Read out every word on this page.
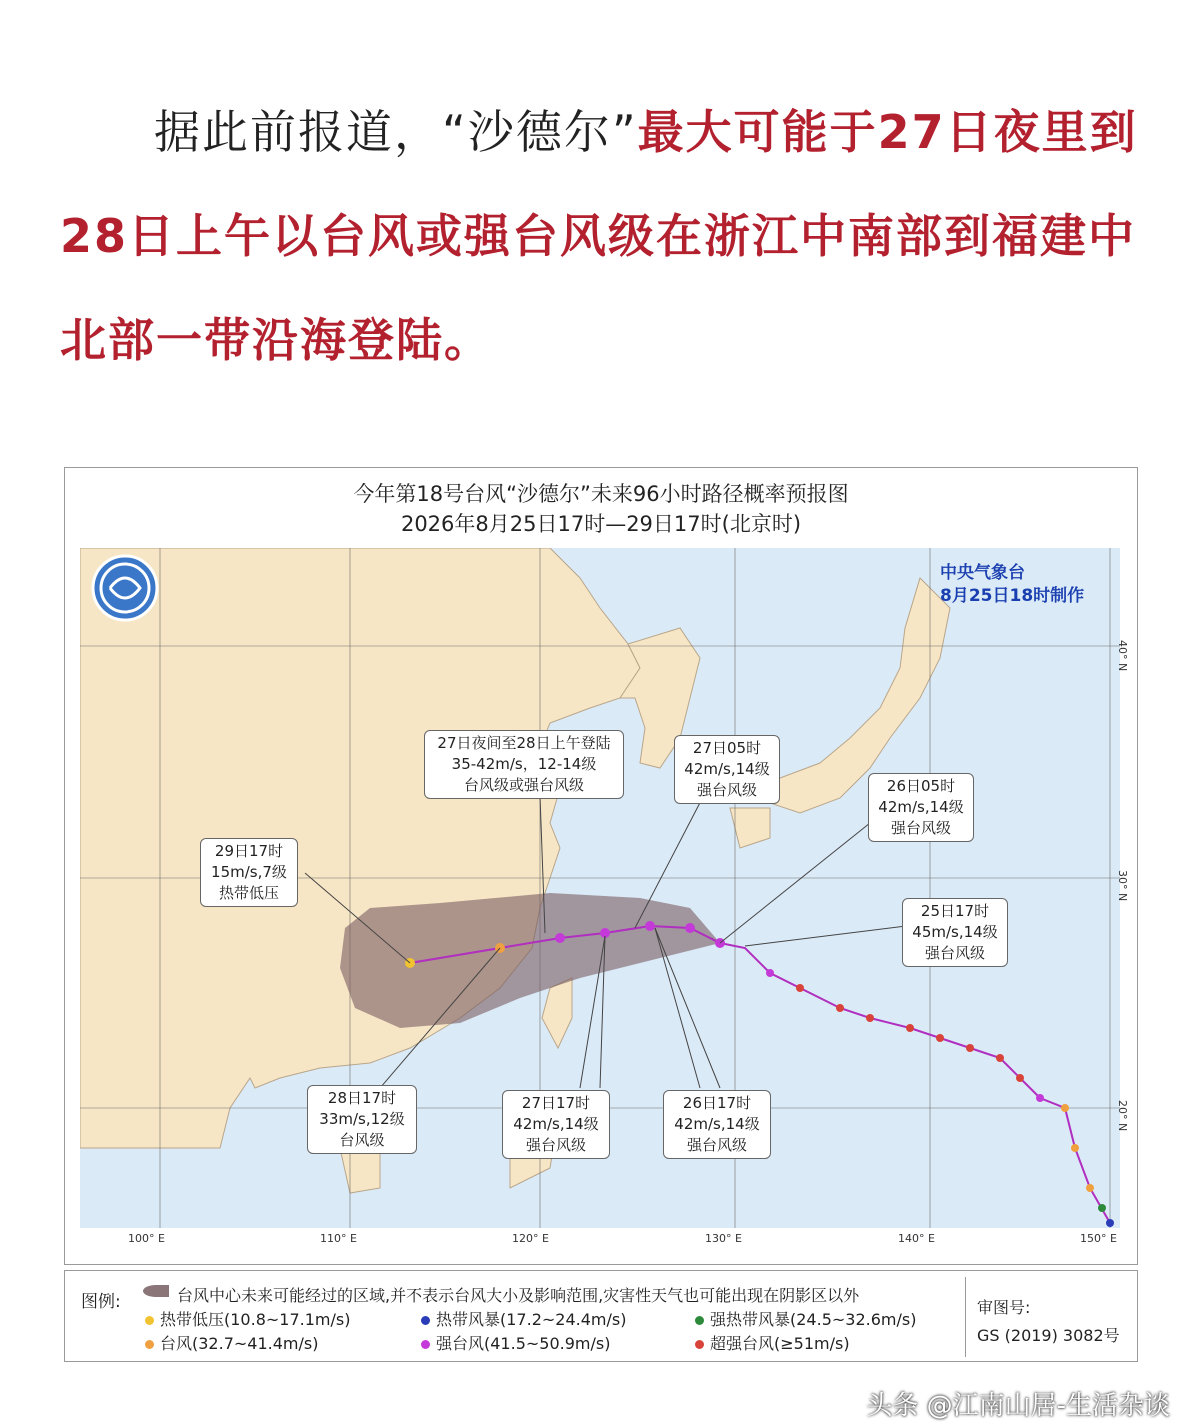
据此前报道，“沙德尔”最大可能于27日夜里到28日上午以台风或强台风级在浙江中南部到福建中北部一带沿海登陆。
今年第18号台风“沙德尔”未来96小时路径概率预报图
2026年8月25日17时—29日17时(北京时)
中央气象台
8月25日18时制作
100° E	110° E	120° E	130° E	140° E	150° E
40° N
30° N
20° N
27日夜间至28日上午登陆
35-42m/s，12-14级
台风级或强台风级
29日17时
15m/s,7级
热带低压
28日17时
33m/s,12级
台风级
27日05时
42m/s,14级
强台风级
27日17时
42m/s,14级
强台风级
26日05时
42m/s,14级
强台风级
26日17时
42m/s,14级
强台风级
25日17时
45m/s,14级
强台风级
图例:	台风中心未来可能经过的区域,并不表示台风大小及影响范围,灾害性天气也可能出现在阴影区以外
热带低压(10.8~17.1m/s)	热带风暴(17.2~24.4m/s)	强热带风暴(24.5~32.6m/s)
台风(32.7~41.4m/s)	强台风(41.5~50.9m/s)	超强台风(≥51m/s)
审图号:
GS (2019) 3082号
头条 @江南山居-生活杂谈
